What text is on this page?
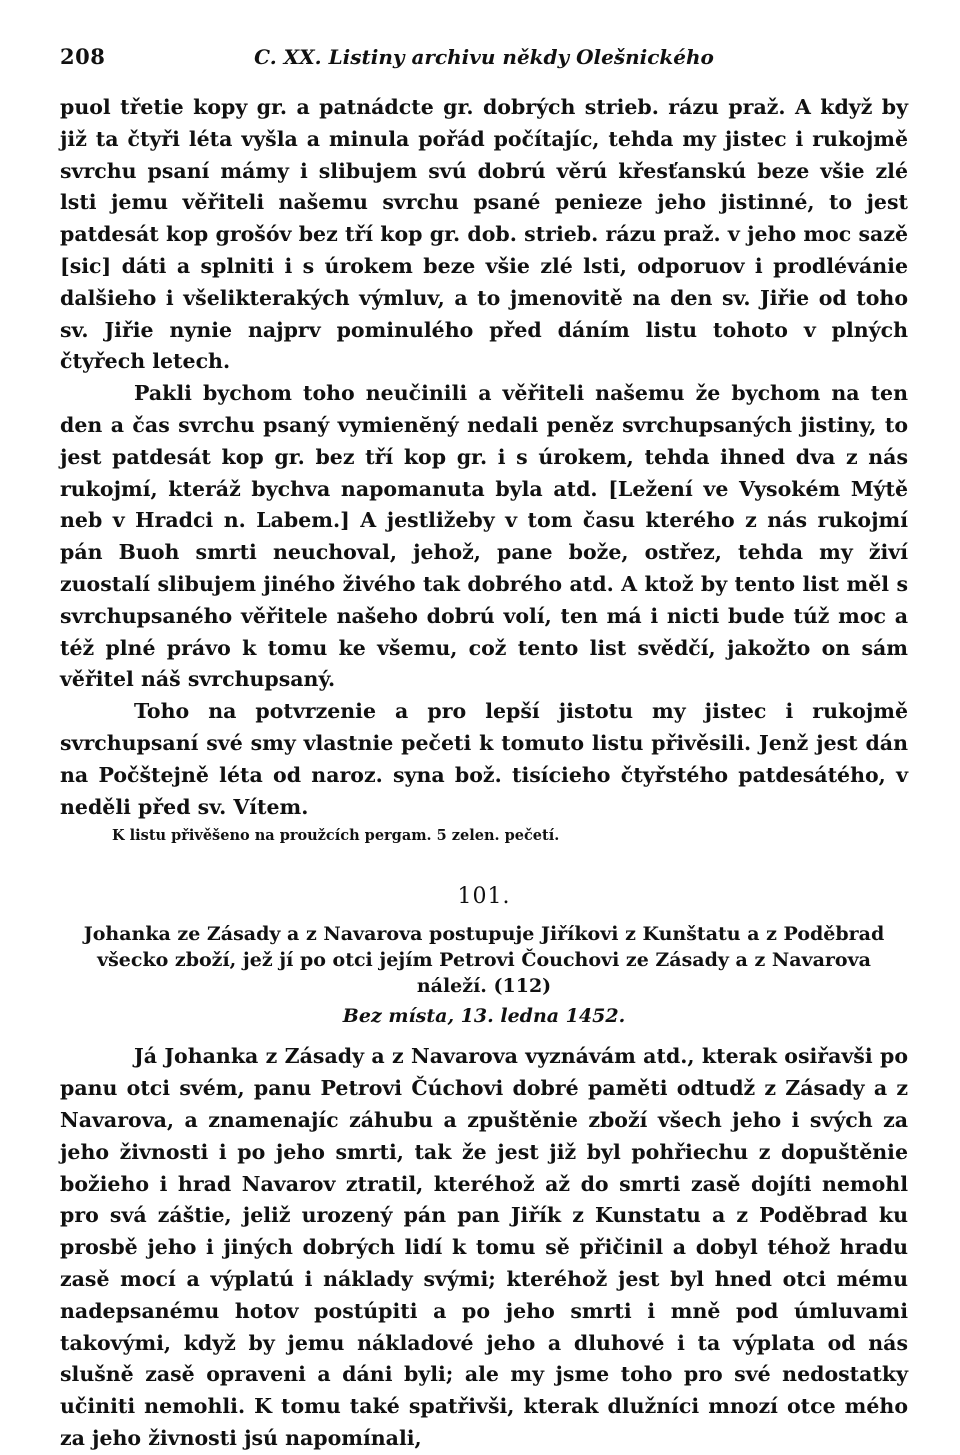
208	C. XX. Listiny archivu někdy Olešnického

puol třetie kopy gr. a patnádcte gr. dobrých strieb. rázu praž. A když by již ta čtyři léta vyšla a minula pořád počítajíc, tehda my jistec i rukojmě svrchu psaní mámy i slibujem svú dobrú věrú křesťanskú beze všie zlé lsti jemu věřiteli našemu svrchu psané penieze jeho jistinné, to jest patdesát kop grošóv bez tří kop gr. dob. strieb. rázu praž. v jeho moc sazě [sic] dáti a splniti i s úrokem beze všie zlé lsti, odporuov i prodlévánie dalšieho i všelikterakých výmluv, a to jmenovitě na den sv. Jiřie od toho sv. Jiřie nynie najprv pominulého před dáním listu tohoto v plných čtyřech letech.

Pakli bychom toho neučinili a věřiteli našemu že bychom na ten den a čas svrchu psaný vymienĕný nedali peněz svrchupsaných jistiny, to jest patdesát kop gr. bez tří kop gr. i s úrokem, tehda ihned dva z nás rukojmí, kteráž bychva napomanuta byla atd. [Ležení ve Vysokém Mýtě neb v Hradci n. Labem.] A jestližeby v tom času kterého z nás rukojmí pán Buoh smrti neuchoval, jehož, pane bože, ostřez, tehda my živí zuostalí slibujem jiného živého tak dobrého atd. A ktož by tento list měl s svrchupsaného věřitele našeho dobrú volí, ten má i nicti bude túž moc a též plné právo k tomu ke všemu, což tento list svědčí, jakožto on sám věřitel náš svrchupsaný.

Toho na potvrzenie a pro lepší jistotu my jistec i rukojmě svrchupsaní své smy vlastnie pečeti k tomuto listu přivěsili. Jenž jest dán na Počštejně léta od naroz. syna bož. tisícieho čtyřstého patdesátého, v neděli před sv. Vítem.

K listu přivěšeno na proužcích pergam. 5 zelen. pečetí.

101.

Johanka ze Zásady a z Navarova postupuje Jiříkovi z Kunštatu a z Poděbrad všecko zboží, jež jí po otci jejím Petrovi Čouchovi ze Zásady a z Navarova náleží. (112)

Bez místa, 13. ledna 1452.

Já Johanka z Zásady a z Navarova vyznávám atd., kterak osiřavši po panu otci svém, panu Petrovi Čúchovi dobré paměti odtudž z Zásady a z Navarova, a znamenajíc záhubu a zpuštěnie zboží všech jeho i svých za jeho živnosti i po jeho smrti, tak že jest již byl pohřiechu z dopuštěnie božieho i hrad Navarov ztratil, kteréhož až do smrti zasě dojíti nemohl pro svá záštie, jeliž urozený pán pan Jiřík z Kunstatu a z Poděbrad ku prosbě jeho i jiných dobrých lidí k tomu sě přičinil a dobyl téhož hradu zasě mocí a výplatú i náklady svými; kteréhož jest byl hned otci mému nadepsanému hotov postúpiti a po jeho smrti i mně pod úmluvami takovými, když by jemu nákladové jeho a dluhové i ta výplata od nás slušně zasě opraveni a dáni byli; ale my jsme toho pro své nedostatky učiniti nemohli. K tomu také spatřivši, kterak dlužníci mnozí otce mého za jeho živnosti jsú napomínali,
